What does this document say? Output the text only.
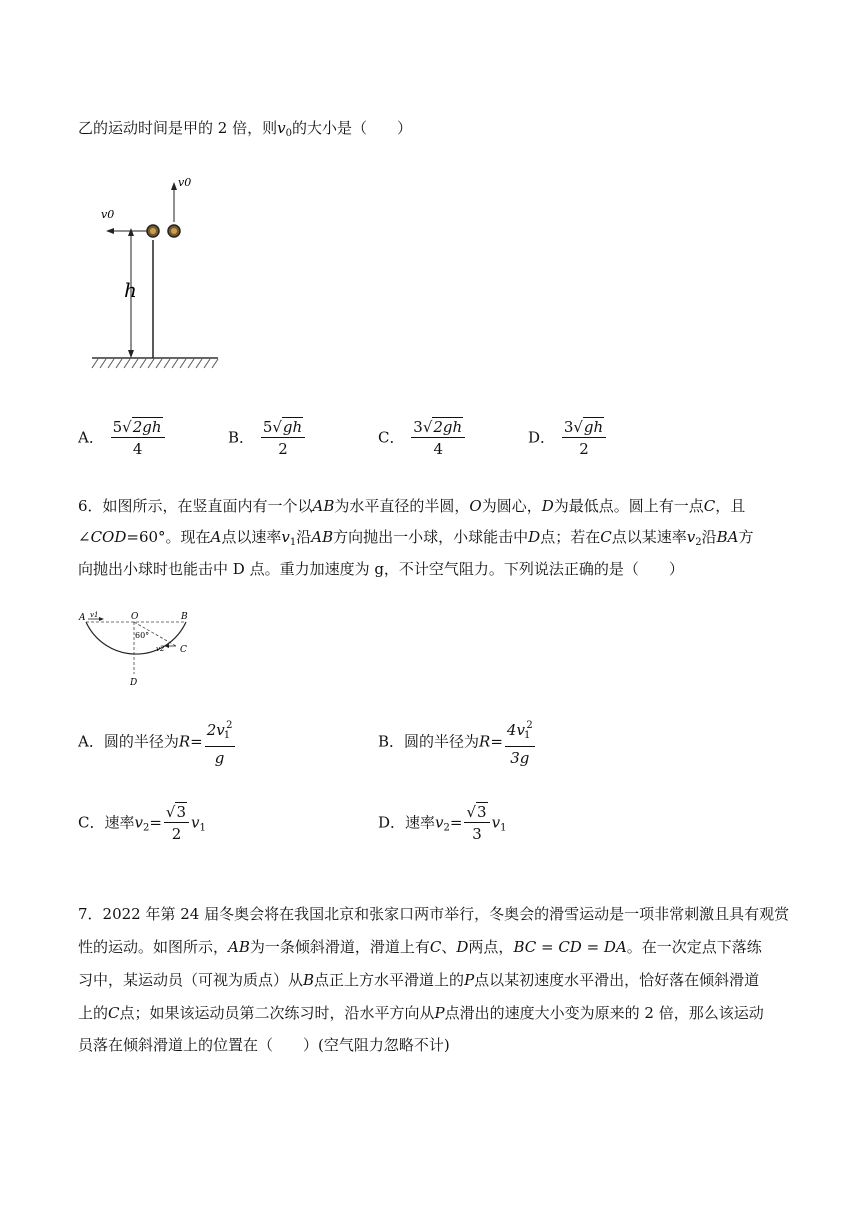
乙的运动时间是甲的 2 倍，则$v_0$的大小是（　　）
v0
v0
h
A． $\frac{5√2gh}{4}$	B． $\frac{5√gh}{2}$	C． $\frac{3√2gh}{4}$	D． $\frac{3√gh}{2}$
6．如图所示，在竖直面内有一个以AB为水平直径的半圆，O为圆心，D为最低点。圆上有一点C，且
∠COD=60°。现在A点以速率$v_1$沿AB方向抛出一小球，小球能击中D点；若在C点以某速率$v_2$沿BA方
向抛出小球时也能击中 D 点。重力加速度为 g，不计空气阻力。下列说法正确的是（　　）
A v1	O	B
60°
v2 C
D
A．圆的半径为$R= \frac{2v_1^2}{g}$	B．圆的半径为$R= \frac{4v_1^2}{3g}$
C．速率$v_2= \frac{√3}{2} v_1$	D．速率$v_2= \frac{√3}{3} v_1$
7．2022 年第 24 届冬奥会将在我国北京和张家口两市举行，冬奥会的滑雪运动是一项非常刺激且具有观赏
性的运动。如图所示，AB为一条倾斜滑道，滑道上有C、D两点，BC = CD = DA。在一次定点下落练
习中，某运动员（可视为质点）从B点正上方水平滑道上的P点以某初速度水平滑出，恰好落在倾斜滑道
上的C点；如果该运动员第二次练习时，沿水平方向从P点滑出的速度大小变为原来的 2 倍，那么该运动
员落在倾斜滑道上的位置在（　　）(空气阻力忽略不计)
